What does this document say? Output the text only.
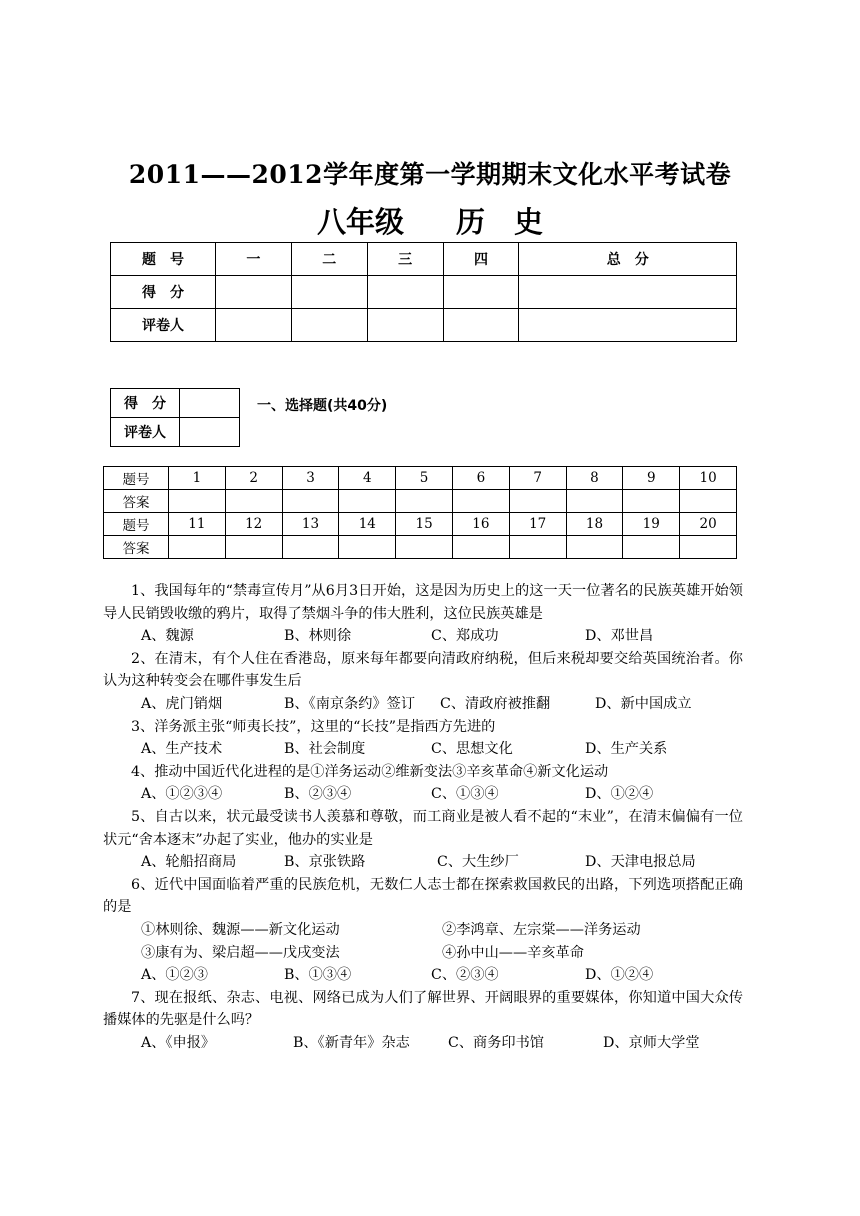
2011——2012学年度第一学期期末文化水平考试卷
八年级 历　史
题　号	一	二	三	四	总　分
得　分					
评卷人					
得　分	
评卷人	
一、选择题(共40分)
题号	1	2	3	4	5	6	7	8	9	10
答案										
题号	11	12	13	14	15	16	17	18	19	20
答案										

1、我国每年的“禁毒宣传月”从6月3日开始，这是因为历史上的这一天一位著名的民族英雄开始领导人民销毁收缴的鸦片，取得了禁烟斗争的伟大胜利，这位民族英雄是

A、魏源	B、林则徐	C、郑成功	D、邓世昌

2、在清末，有个人住在香港岛，原来每年都要向清政府纳税，但后来税却要交给英国统治者。你认为这种转变会在哪件事发生后

A、虎门销烟	B、《南京条约》签订	C、清政府被推翻	D、新中国成立

3、洋务派主张“师夷长技”，这里的“长技”是指西方先进的

A、生产技术	B、社会制度	C、思想文化	D、生产关系

4、推动中国近代化进程的是①洋务运动②维新变法③辛亥革命④新文化运动

A、①②③④	B、②③④	C、①③④	D、①②④

5、自古以来，状元最受读书人羡慕和尊敬，而工商业是被人看不起的“末业”，在清末偏偏有一位状元“舍本逐末”办起了实业，他办的实业是

A、轮船招商局	B、京张铁路	C、大生纱厂	D、天津电报总局

6、近代中国面临着严重的民族危机，无数仁人志士都在探索救国救民的出路，下列选项搭配正确的是

①林则徐、魏源——新文化运动	②李鸿章、左宗棠——洋务运动
③康有为、梁启超——戊戌变法	④孙中山——辛亥革命
A、①②③	B、①③④	C、②③④	D、①②④

7、现在报纸、杂志、电视、网络已成为人们了解世界、开阔眼界的重要媒体，你知道中国大众传播媒体的先驱是什么吗？

A、《申报》	B、《新青年》杂志	C、商务印书馆	D、京师大学堂
